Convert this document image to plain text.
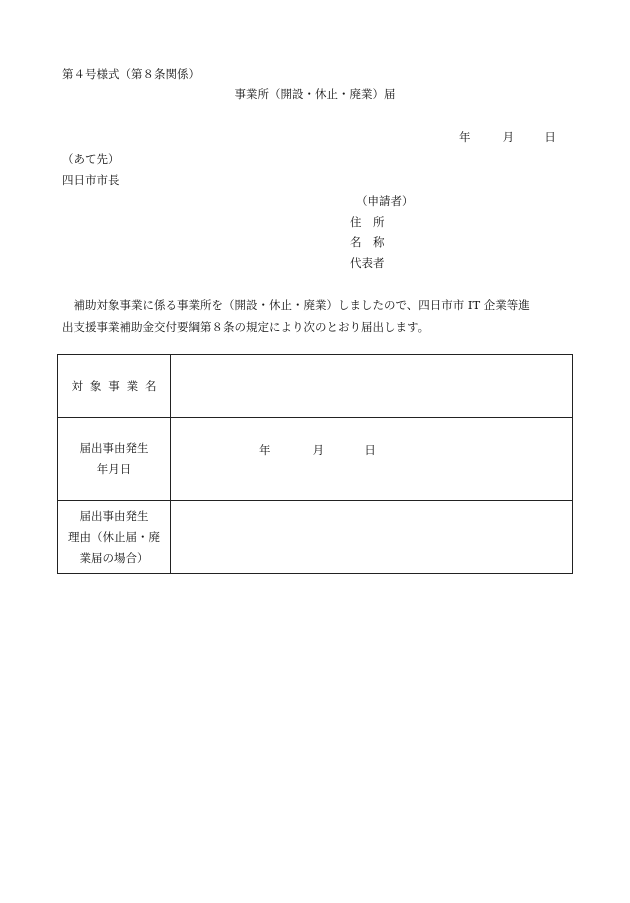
第４号様式（第８条関係）
事業所（開設・休止・廃業）届
年	月	日
（あて先）
四日市市長
（申請者）
住　所
名　称
代表者

　補助対象事業に係る事業所を（開設・休止・廃業）しましたので、四日市市 IT 企業等進

出支援事業補助金交付要綱第８条の規定により次のとおり届出します。

対象事業名	

届出事由発生
年月日	年 月 日

届出事由発生
理由（休止届・廃
業届の場合）	
